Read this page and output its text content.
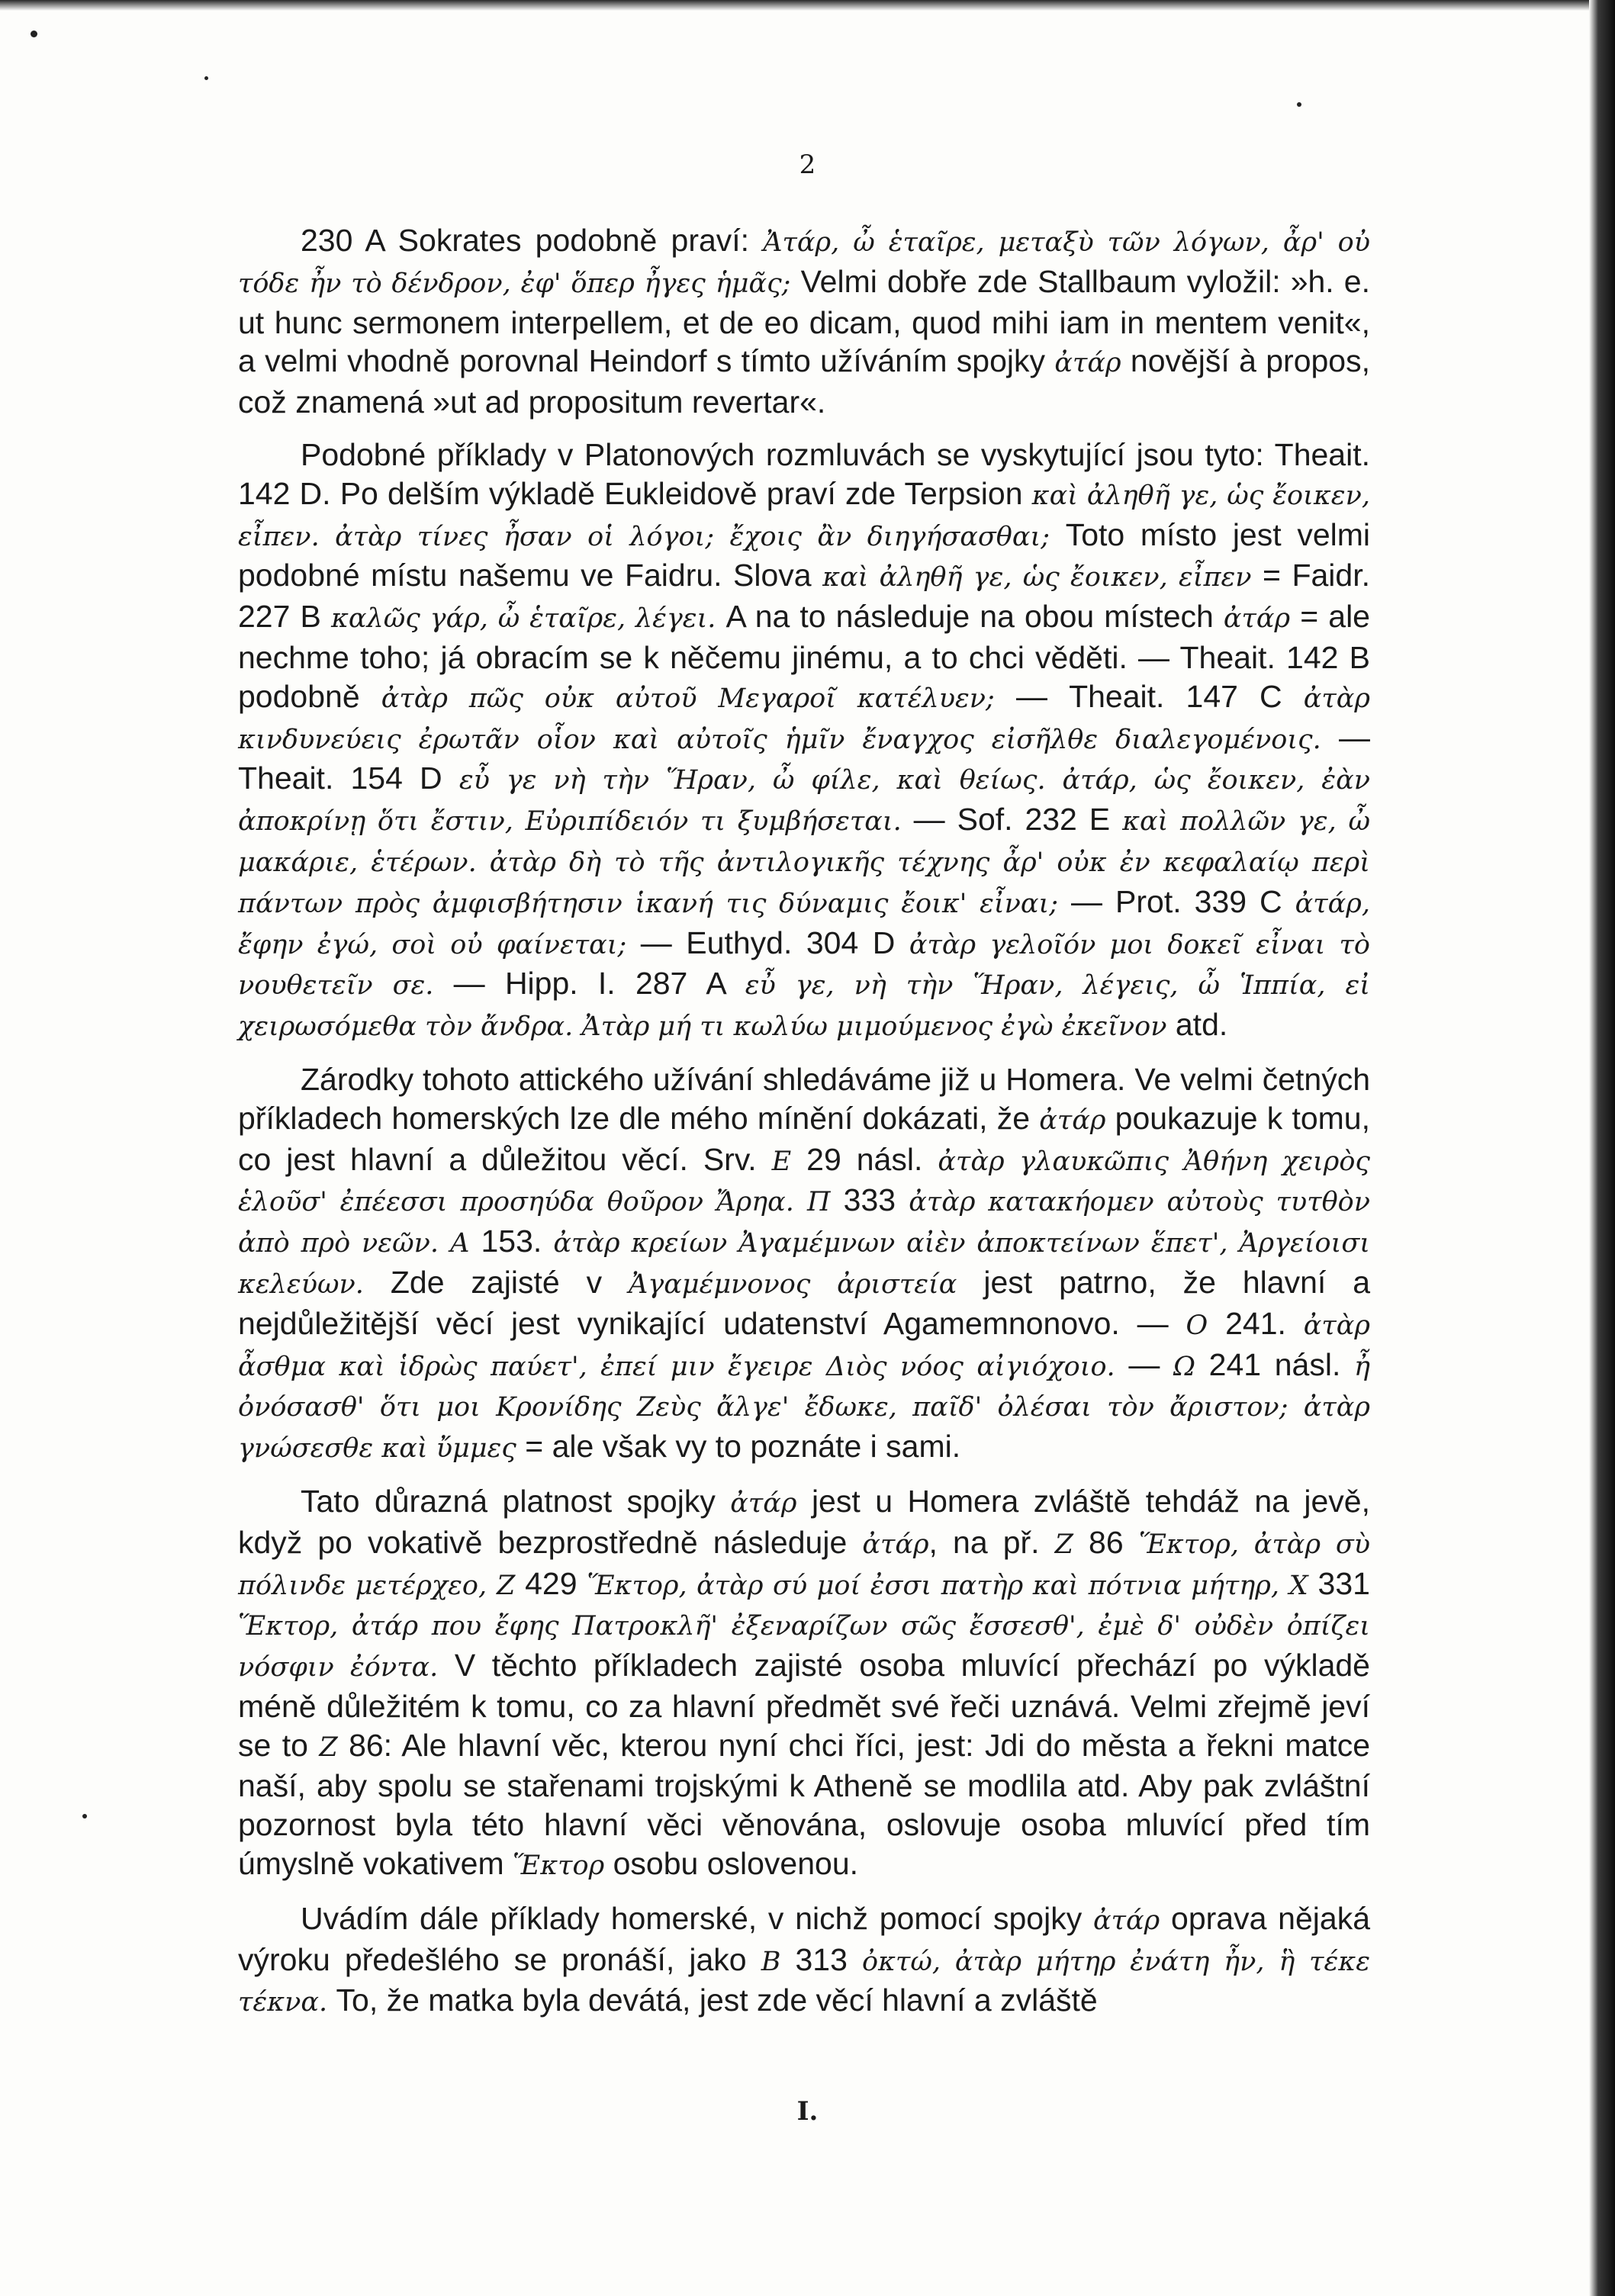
2

230 A Sokrates podobně praví: Ἀτάρ, ὦ ἑταῖρε, μεταξὺ τῶν λόγων, ἆρ' οὐ τόδε ἦν τὸ δένδρον, ἐφ' ὅπερ ἦγες ἡμᾶς; Velmi dobře zde Stallbaum vyložil: »h. e. ut hunc sermonem interpellem, et de eo dicam, quod mihi iam in mentem venit«, a velmi vhodně porovnal Heindorf s tímto užíváním spojky ἀτάρ novější à propos, což znamená »ut ad propositum revertar«.

Podobné příklady v Platonových rozmluvách se vyskytující jsou tyto: Theait. 142 D. Po delším výkladě Eukleidově praví zde Terpsion καὶ ἀληθῆ γε, ὡς ἔοικεν, εἶπεν. ἀτὰρ τίνες ἦσαν οἱ λόγοι; ἔχοις ἂν διηγήσασθαι; Toto místo jest velmi podobné místu našemu ve Faidru. Slova καὶ ἀληθῆ γε, ὡς ἔοικεν, εἶπεν = Faidr. 227 B καλῶς γάρ, ὦ ἑταῖρε, λέγει. A na to následuje na obou místech ἀτάρ = ale nechme toho; já obracím se k něčemu jinému, a to chci věděti. — Theait. 142 B podobně ἀτὰρ πῶς οὐκ αὐτοῦ Μεγαροῖ κατέλυεν; — Theait. 147 C ἀτὰρ κινδυνεύεις ἐρωτᾶν οἷον καὶ αὐτοῖς ἡμῖν ἔναγχος εἰσῆλθε διαλεγομένοις. — Theait. 154 D εὖ γε νὴ τὴν Ἥραν, ὦ φίλε, καὶ θείως. ἀτάρ, ὡς ἔοικεν, ἐὰν ἀποκρίνῃ ὅτι ἔστιν, Εὐριπίδειόν τι ξυμβήσεται. — Sof. 232 E καὶ πολλῶν γε, ὦ μακάριε, ἑτέρων. ἀτὰρ δὴ τὸ τῆς ἀντιλογικῆς τέχνης ἆρ' οὐκ ἐν κεφαλαίῳ περὶ πάντων πρὸς ἀμφισβήτησιν ἱκανή τις δύναμις ἔοικ' εἶναι; — Prot. 339 C ἀτάρ, ἔφην ἐγώ, σοὶ οὐ φαίνεται; — Euthyd. 304 D ἀτὰρ γελοῖόν μοι δοκεῖ εἶναι τὸ νουθετεῖν σε. — Hipp. I. 287 A εὖ γε, νὴ τὴν Ἥραν, λέγεις, ὦ Ἱππία, εἰ χειρωσόμεθα τὸν ἄνδρα. Ἀτὰρ μή τι κωλύω μιμούμενος ἐγὼ ἐκεῖνον atd.

Zárodky tohoto attického užívání shledáváme již u Homera. Ve velmi četných příkladech homerských lze dle mého mínění dokázati, že ἀτάρ poukazuje k tomu, co jest hlavní a důležitou věcí. Srv. E 29 násl. ἀτὰρ γλαυκῶπις Ἀθήνη χειρὸς ἑλοῦσ' ἐπέεσσι προσηύδα θοῦρον Ἄρηα. Π 333 ἀτὰρ κατακήομεν αὐτοὺς τυτθὸν ἀπὸ πρὸ νεῶν. Α 153. ἀτὰρ κρείων Ἀγαμέμνων αἰὲν ἀποκτείνων ἕπετ', Ἀργείοισι κελεύων. Zde zajisté v Ἀγαμέμνονος ἀριστεία jest patrno, že hlavní a nejdůležitější věcí jest vynikající udatenství Agamemnonovo. — O 241. ἀτὰρ ἆσθμα καὶ ἱδρὼς παύετ', ἐπεί μιν ἔγειρε Διὸς νόος αἰγιόχοιο. — Ω 241 násl. ἦ ὀνόσασθ' ὅτι μοι Κρονίδης Ζεὺς ἄλγε' ἔδωκε, παῖδ' ὀλέσαι τὸν ἄριστον; ἀτὰρ γνώσεσθε καὶ ὔμμες = ale však vy to poznáte i sami.

Tato důrazná platnost spojky ἀτάρ jest u Homera zvláště tehdáž na jevě, když po vokativě bezprostředně následuje ἀτάρ, na př. Z 86 Ἕκτορ, ἀτὰρ σὺ πόλινδε μετέρχεο, Z 429 Ἕκτορ, ἀτὰρ σύ μοί ἐσσι πατὴρ καὶ πότνια μήτηρ, X 331 Ἕκτορ, ἀτάρ που ἔφης Πατροκλῆ' ἐξεναρίζων σῶς ἔσσεσθ', ἐμὲ δ' οὐδὲν ὀπίζει νόσφιν ἐόντα. V těchto příkladech zajisté osoba mluvící přechází po výkladě méně důležitém k tomu, co za hlavní předmět své řeči uznává. Velmi zřejmě jeví se to Z 86: Ale hlavní věc, kterou nyní chci říci, jest: Jdi do města a řekni matce naší, aby spolu se stařenami trojskými k Atheně se modlila atd. Aby pak zvláštní pozornost byla této hlavní věci věnována, oslovuje osoba mluvící před tím úmyslně vokativem Ἕκτορ osobu oslovenou.

Uvádím dále příklady homerské, v nichž pomocí spojky ἀτάρ oprava nějaká výroku předešlého se pronáší, jako B 313 ὀκτώ, ἀτὰρ μήτηρ ἐνάτη ἦν, ἣ τέκε τέκνα. To, že matka byla devátá, jest zde věcí hlavní a zvláště

I.
